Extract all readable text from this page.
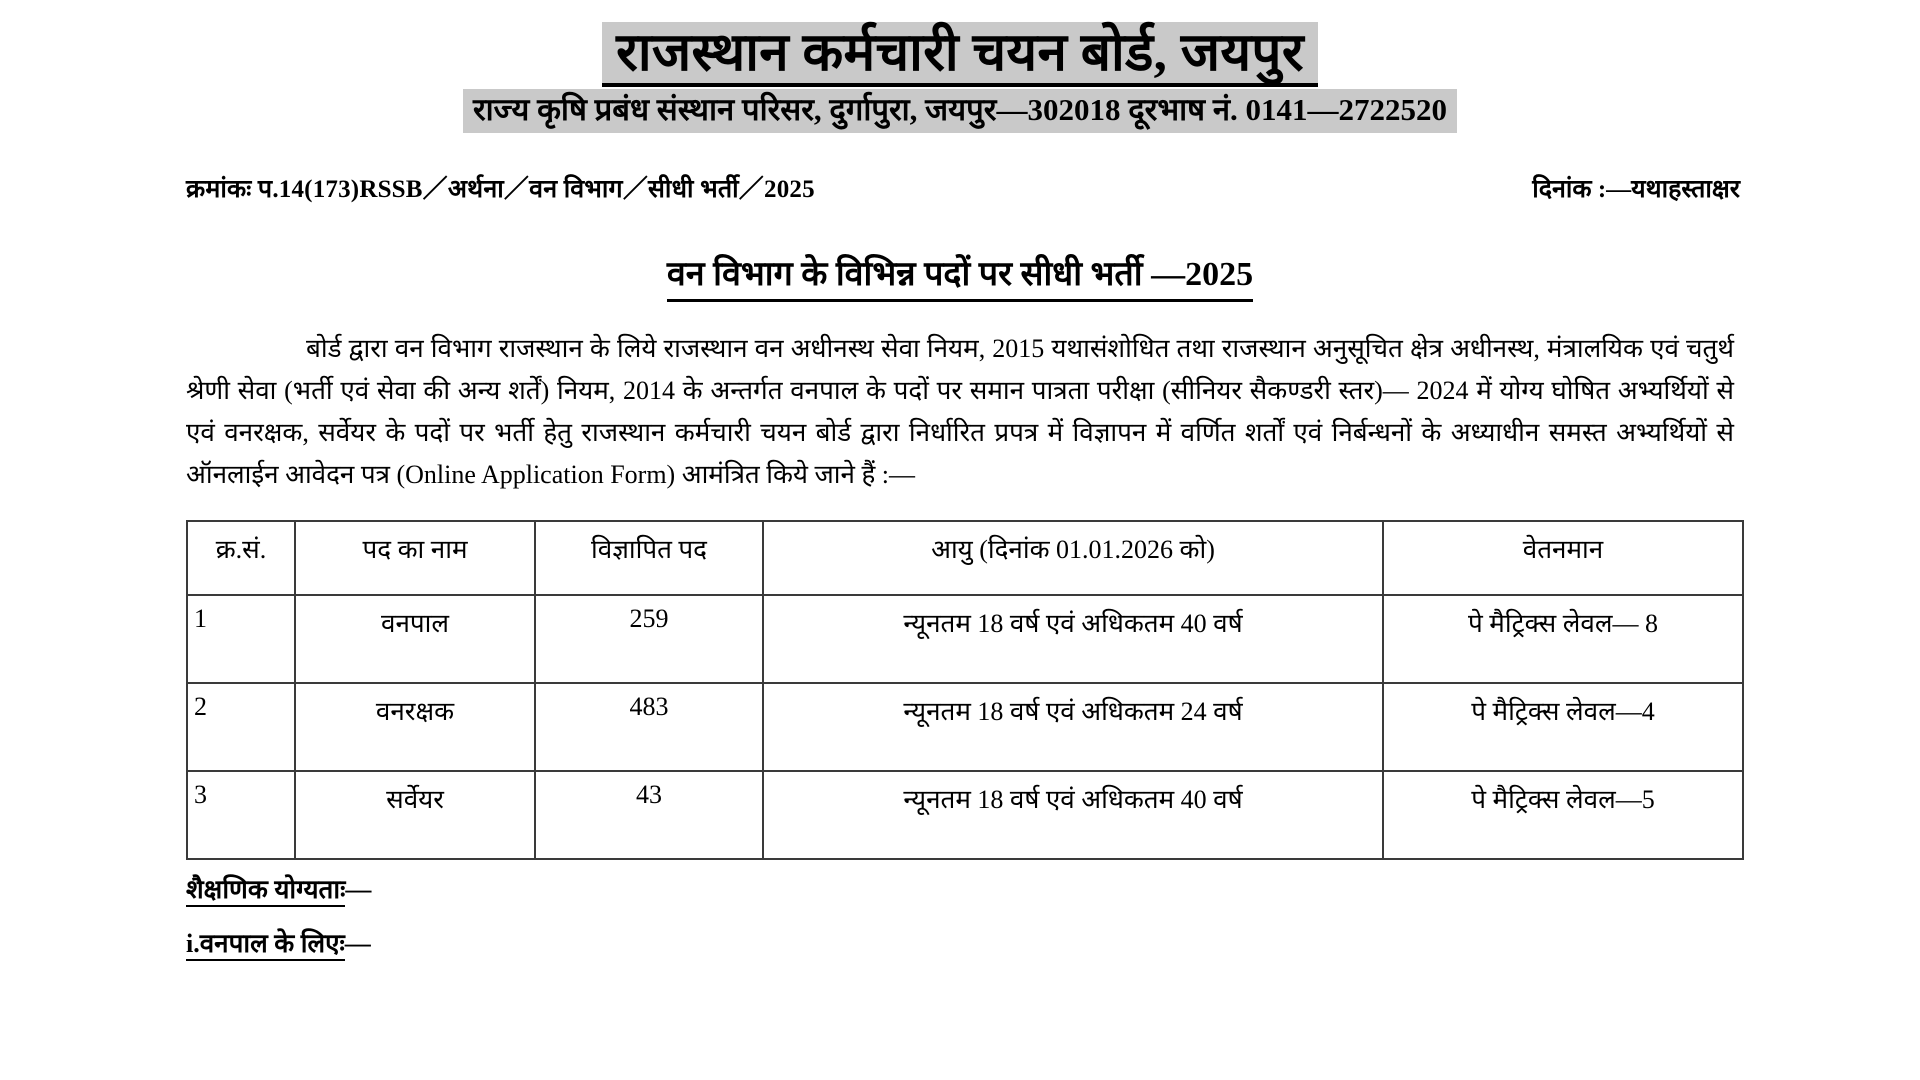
राजस्थान कर्मचारी चयन बोर्ड, जयपुर
राज्य कृषि प्रबंध संस्थान परिसर, दुर्गापुरा, जयपुर—302018 दूरभाष नं. 0141—2722520
क्रमांकः प.14(173)RSSB／अर्थना／वन विभाग／सीधी भर्ती／2025	दिनांक :—यथाहस्ताक्षर
वन विभाग के विभिन्न पदों पर सीधी भर्ती —2025
बोर्ड द्वारा वन विभाग राजस्थान के लिये राजस्थान वन अधीनस्थ सेवा नियम, 2015 यथासंशोधित तथा राजस्थान अनुसूचित क्षेत्र अधीनस्थ, मंत्रालयिक एवं चतुर्थ श्रेणी सेवा (भर्ती एवं सेवा की अन्य शर्तें) नियम, 2014 के अन्तर्गत वनपाल के पदों पर समान पात्रता परीक्षा (सीनियर सैकण्डरी स्तर)— 2024 में योग्य घोषित अभ्यर्थियों से एवं वनरक्षक, सर्वेयर के पदों पर भर्ती हेतु राजस्थान कर्मचारी चयन बोर्ड द्वारा निर्धारित प्रपत्र में विज्ञापन में वर्णित शर्तों एवं निर्बन्धनों के अध्याधीन समस्त अभ्यर्थियों से ऑनलाईन आवेदन पत्र (Online Application Form) आमंत्रित किये जाने हैं :—
क्र.सं.	पद का नाम	विज्ञापित पद	आयु (दिनांक 01.01.2026 को)	वेतनमान
1	वनपाल	259	न्यूनतम 18 वर्ष एवं अधिकतम 40 वर्ष	पे मैट्रिक्स लेवल— 8
2	वनरक्षक	483	न्यूनतम 18 वर्ष एवं अधिकतम 24 वर्ष	पे मैट्रिक्स लेवल—4
3	सर्वेयर	43	न्यूनतम 18 वर्ष एवं अधिकतम 40 वर्ष	पे मैट्रिक्स लेवल—5
शैक्षणिक योग्यताः—
i.वनपाल के लिएः—
